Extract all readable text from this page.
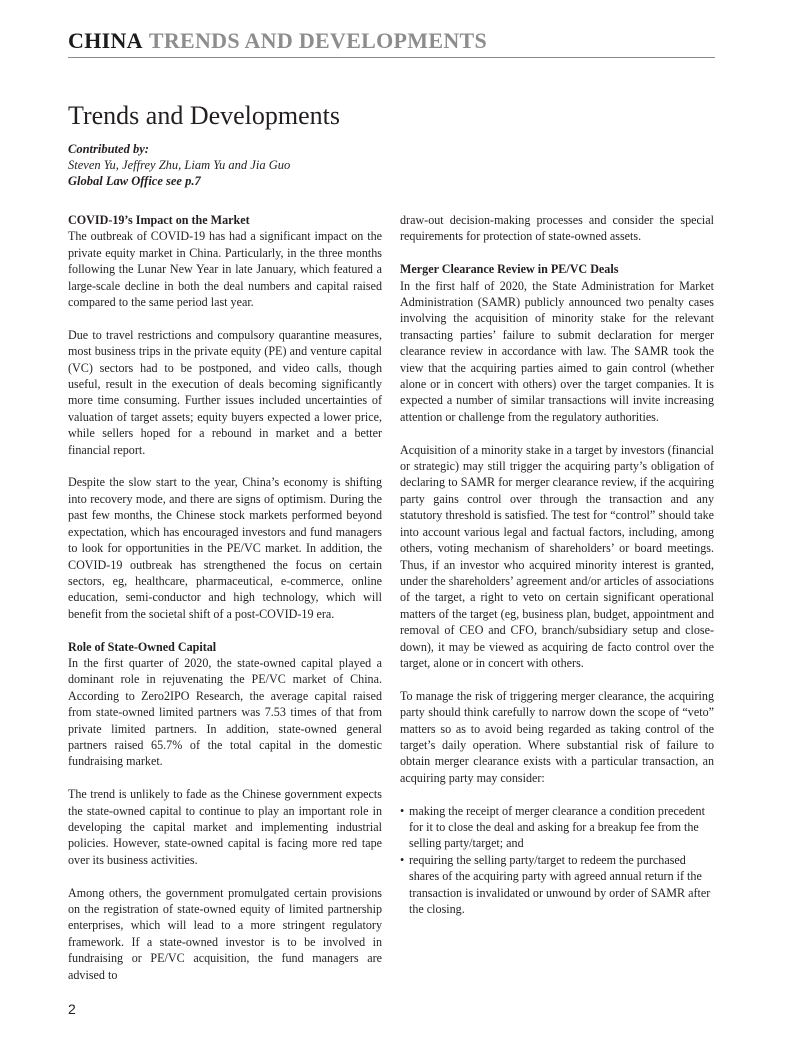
CHINA TRENDS AND DEVELOPMENTS
Trends and Developments
Contributed by:
Steven Yu, Jeffrey Zhu, Liam Yu and Jia Guo
Global Law Office see p.7
COVID-19’s Impact on the Market

The outbreak of COVID-19 has had a significant impact on the private equity market in China. Particularly, in the three months following the Lunar New Year in late January, which featured a large-scale decline in both the deal numbers and capital raised compared to the same period last year.

Due to travel restrictions and compulsory quarantine measures, most business trips in the private equity (PE) and venture capital (VC) sectors had to be postponed, and video calls, though useful, result in the execution of deals becoming significantly more time consuming. Further issues included uncertainties of valuation of target assets; equity buyers expected a lower price, while sellers hoped for a rebound in market and a better financial report.

Despite the slow start to the year, China’s economy is shifting into recovery mode, and there are signs of optimism. During the past few months, the Chinese stock markets performed beyond expectation, which has encouraged investors and fund managers to look for opportunities in the PE/VC market. In addition, the COVID-19 outbreak has strengthened the focus on certain sectors, eg, healthcare, pharmaceutical, e-commerce, online education, semi-conductor and high technology, which will benefit from the societal shift of a post-COVID-19 era.

Role of State-Owned Capital

In the first quarter of 2020, the state-owned capital played a dominant role in rejuvenating the PE/VC market of China. According to Zero2IPO Research, the average capital raised from state-owned limited partners was 7.53 times of that from private limited partners. In addition, state-owned general partners raised 65.7% of the total capital in the domestic fundraising market.

The trend is unlikely to fade as the Chinese government expects the state-owned capital to continue to play an important role in developing the capital market and implementing industrial policies. However, state-owned capital is facing more red tape over its business activities.

Among others, the government promulgated certain provisions on the registration of state-owned equity of limited partnership enterprises, which will lead to a more stringent regulatory framework. If a state-owned investor is to be involved in fundraising or PE/VC acquisition, the fund managers are advised to

draw-out decision-making processes and consider the special requirements for protection of state-owned assets.

Merger Clearance Review in PE/VC Deals

In the first half of 2020, the State Administration for Market Administration (SAMR) publicly announced two penalty cases involving the acquisition of minority stake for the relevant transacting parties’ failure to submit declaration for merger clearance review in accordance with law. The SAMR took the view that the acquiring parties aimed to gain control (whether alone or in concert with others) over the target companies. It is expected a number of similar transactions will invite increasing attention or challenge from the regulatory authorities.

Acquisition of a minority stake in a target by investors (financial or strategic) may still trigger the acquiring party’s obligation of declaring to SAMR for merger clearance review, if the acquiring party gains control over through the transaction and any statutory threshold is satisfied. The test for “control” should take into account various legal and factual factors, including, among others, voting mechanism of shareholders’ or board meetings. Thus, if an investor who acquired minority interest is granted, under the shareholders’ agreement and/or articles of associations of the target, a right to veto on certain significant operational matters of the target (eg, business plan, budget, appointment and removal of CEO and CFO, branch/subsidiary setup and close-down), it may be viewed as acquiring de facto control over the target, alone or in concert with others.

To manage the risk of triggering merger clearance, the acquiring party should think carefully to narrow down the scope of “veto” matters so as to avoid being regarded as taking control of the target’s daily operation. Where substantial risk of failure to obtain merger clearance exists with a particular transaction, an acquiring party may consider:

• making the receipt of merger clearance a condition precedent for it to close the deal and asking for a breakup fee from the selling party/target; and
• requiring the selling party/target to redeem the purchased shares of the acquiring party with agreed annual return if the transaction is invalidated or unwound by order of SAMR after the closing.
2
